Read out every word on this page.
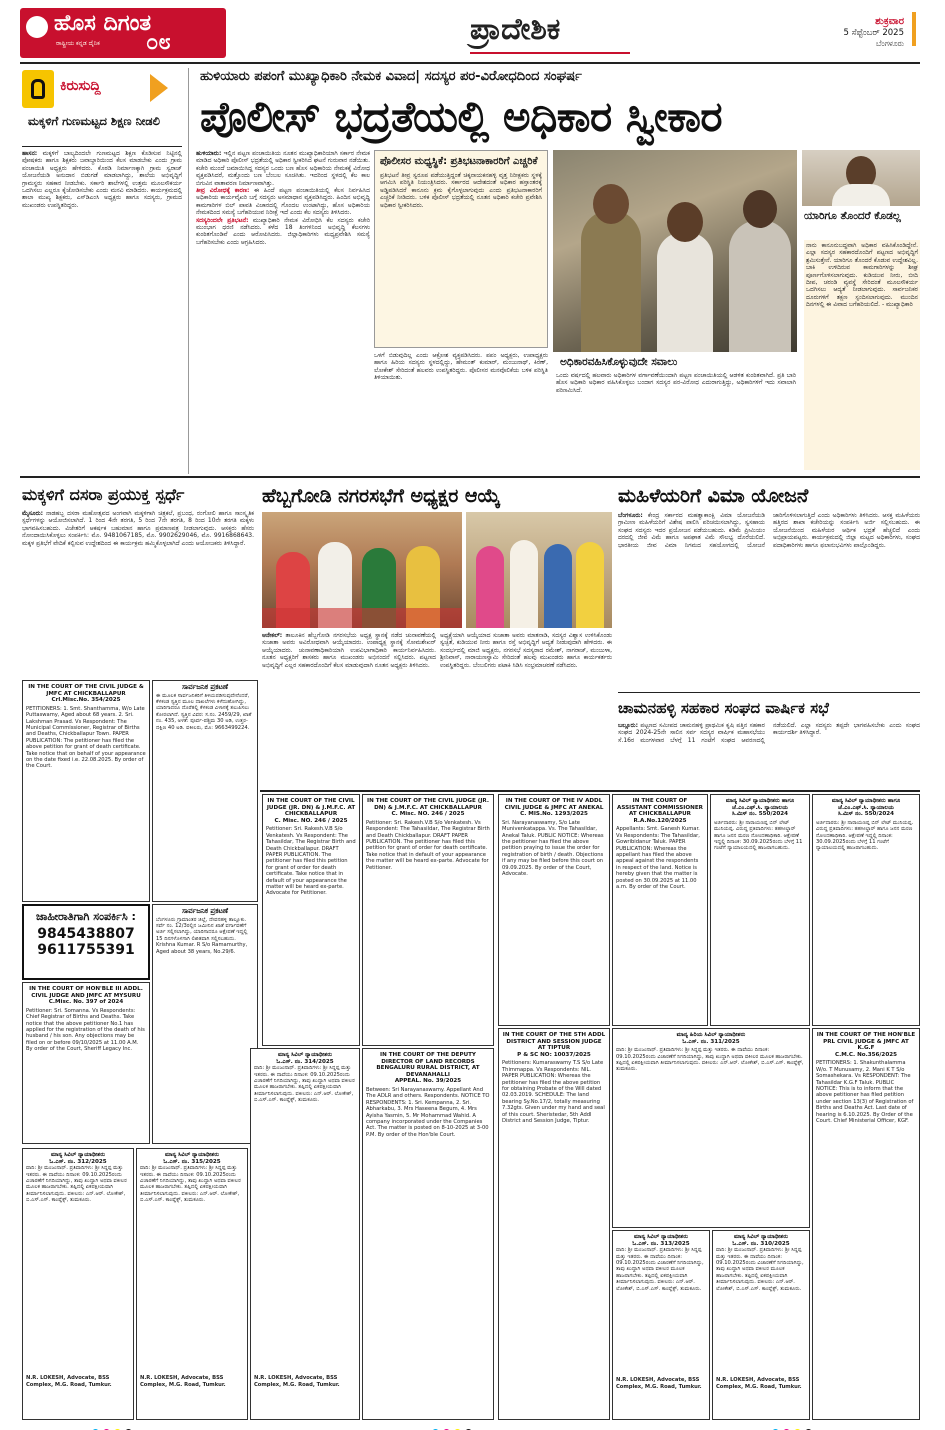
ಹೊಸ ದಿಗಂತ
ರಾಷ್ಟ್ರೀಯ ಕನ್ನಡ ದೈನಿಕ ೦೮	ಪ್ರಾದೇಶಿಕ	ಶುಕ್ರವಾರ
5 ಸೆಪ್ಟೆಂಬರ್ 2025
ಬೆಂಗಳೂರು
ಕಿರುಸುದ್ದಿ
ಮಕ್ಕಳಿಗೆ ಗುಣಮಟ್ಟದ ಶಿಕ್ಷಣ ನೀಡಲಿ
ಹಾಸನ: ಮಕ್ಕಳಿಗೆ ಬಾಲ್ಯದಿಂದಲೇ ಗುಣಮಟ್ಟದ ಶಿಕ್ಷಣ ಕೊಡಿಸುವ ನಿಟ್ಟಿನಲ್ಲಿ ಪೋಷಕರು ಹಾಗೂ ಶಿಕ್ಷಕರು ಜವಾಬ್ದಾರಿಯಿಂದ ಕೆಲಸ ಮಾಡಬೇಕು ಎಂದು ಗ್ರಾಮ ಪಂಚಾಯಿತಿ ಅಧ್ಯಕ್ಷರು ಹೇಳಿದರು. ಕೊಠಡಿ ನಿರ್ಮಾಣಕ್ಕಾಗಿ ಗ್ರಾಮ ಸ್ವರಾಜ್ ಯೋಜನೆಯಡಿ ಅನುದಾನ ಬಿಡುಗಡೆ ಮಾಡಲಾಗಿದ್ದು, ಶಾಲೆಯ ಅಭಿವೃದ್ಧಿಗೆ ಗ್ರಾಮಸ್ಥರು ಸಹಕಾರ ನೀಡಬೇಕು. ಸರ್ಕಾರಿ ಶಾಲೆಗಳಲ್ಲಿ ಉತ್ತಮ ಮೂಲಸೌಕರ್ಯ ಒದಗಿಸಲು ಎಲ್ಲರೂ ಕೈಜೋಡಿಸಬೇಕು ಎಂದು ಮನವಿ ಮಾಡಿದರು. ಕಾರ್ಯಕ್ರಮದಲ್ಲಿ ಶಾಲಾ ಮುಖ್ಯ ಶಿಕ್ಷಕರು, ಎಸ್‌ಡಿಎಂಸಿ ಅಧ್ಯಕ್ಷರು ಹಾಗೂ ಸದಸ್ಯರು, ಗ್ರಾಮದ ಮುಖಂಡರು ಉಪಸ್ಥಿತರಿದ್ದರು.
ಹುಳಿಯಾರು ಪಪಂಗೆ ಮುಖ್ಯಾಧಿಕಾರಿ ನೇಮಕ ವಿವಾದ| ಸದಸ್ಯರ ಪರ-ವಿರೋಧದಿಂದ ಸಂಘರ್ಷ
ಪೊಲೀಸ್ ಭದ್ರತೆಯಲ್ಲಿ ಅಧಿಕಾರ ಸ್ವೀಕಾರ
ಹುಳಿಯಾರು: ಇಲ್ಲಿನ ಪಟ್ಟಣ ಪಂಚಾಯಿತಿಯ ನೂತನ ಮುಖ್ಯಾಧಿಕಾರಿಯಾಗಿ ಸರ್ಕಾರ ನೇಮಕ ಮಾಡಿದ ಅಧಿಕಾರಿ ಪೊಲೀಸ್ ಭದ್ರತೆಯಲ್ಲಿ ಅಧಿಕಾರ ಸ್ವೀಕರಿಸಿದ ಘಟನೆ ಗುರುವಾರ ನಡೆಯಿತು. ಕಚೇರಿ ಮುಂದೆ ಜಮಾಯಿಸಿದ್ದ ಸದಸ್ಯರ ಒಂದು ಬಣ ಹೊಸ ಅಧಿಕಾರಿಯ ನೇಮಕಕ್ಕೆ ವಿರೋಧ ವ್ಯಕ್ತಪಡಿಸಿದರೆ, ಮತ್ತೊಂದು ಬಣ ಬೆಂಬಲ ಸೂಚಿಸಿತು. ಇದರಿಂದ ಸ್ಥಳದಲ್ಲಿ ಕೆಲ ಕಾಲ ಬಿಗುವಿನ ವಾತಾವರಣ ನಿರ್ಮಾಣವಾಗಿತ್ತು.
ತೀವ್ರ ವಿರೋಧಕ್ಕೆ ಕಾರಣ: ಈ ಹಿಂದೆ ಪಟ್ಟಣ ಪಂಚಾಯಿತಿಯಲ್ಲಿ ಕೆಲಸ ನಿರ್ವಹಿಸಿದ ಅಧಿಕಾರಿಯ ಕಾರ್ಯವೈಖರಿ ಬಗ್ಗೆ ಸದಸ್ಯರು ಅಸಮಾಧಾನ ವ್ಯಕ್ತಪಡಿಸಿದ್ದರು. ಹಿಂದಿನ ಅಭಿವೃದ್ಧಿ ಕಾಮಗಾರಿಗಳ ಬಿಲ್ ಪಾವತಿ ವಿಚಾರದಲ್ಲಿ ಗೊಂದಲ ಉಂಟಾಗಿದ್ದು, ಹೊಸ ಅಧಿಕಾರಿಯ ನೇಮಕದಿಂದ ಸಮಸ್ಯೆ ಬಗೆಹರಿಯುವ ನಿರೀಕ್ಷೆ ಇದೆ ಎಂದು ಕೆಲ ಸದಸ್ಯರು ತಿಳಿಸಿದರು.
ಸದಸ್ಯರಿಂದಲೇ ಪ್ರತಿಭಟನೆ: ಮುಖ್ಯಾಧಿಕಾರಿ ನೇಮಕ ವಿರೋಧಿಸಿ ಕೆಲ ಸದಸ್ಯರು ಕಚೇರಿ ಮುಂಭಾಗ ಧರಣಿ ನಡೆಸಿದರು. ಕಳೆದ 18 ತಿಂಗಳಿನಿಂದ ಅಭಿವೃದ್ಧಿ ಕೆಲಸಗಳು ಕುಂಠಿತಗೊಂಡಿವೆ ಎಂದು ಆರೋಪಿಸಿದರು. ಜಿಲ್ಲಾಧಿಕಾರಿಗಳು ಮಧ್ಯಪ್ರವೇಶಿಸಿ ಸಮಸ್ಯೆ ಬಗೆಹರಿಸಬೇಕು ಎಂದು ಆಗ್ರಹಿಸಿದರು.
ಪೊಲೀಸರ ಮಧ್ಯಸ್ಥಿಕೆ: ಪ್ರತಿಭಟನಾಕಾರರಿಗೆ ಎಚ್ಚರಿಕೆ
ಪ್ರತಿಭಟನೆ ತೀವ್ರ ಸ್ವರೂಪ ಪಡೆಯುತ್ತಿದ್ದಂತೆ ಚಿಕ್ಕನಾಯಕನಹಳ್ಳಿ ವೃತ್ತ ನಿರೀಕ್ಷಕರು ಸ್ಥಳಕ್ಕೆ ಆಗಮಿಸಿ ಪರಿಸ್ಥಿತಿ ನಿಯಂತ್ರಿಸಿದರು. ಸರ್ಕಾರದ ಆದೇಶದಂತೆ ಅಧಿಕಾರ ಹಸ್ತಾಂತರಕ್ಕೆ ಅಡ್ಡಿಪಡಿಸಿದರೆ ಕಾನೂನು ಕ್ರಮ ಕೈಗೊಳ್ಳಲಾಗುವುದು ಎಂದು ಪ್ರತಿಭಟನಾಕಾರರಿಗೆ ಎಚ್ಚರಿಕೆ ನೀಡಿದರು. ಬಳಿಕ ಪೊಲೀಸ್ ಭದ್ರತೆಯಲ್ಲಿ ನೂತನ ಅಧಿಕಾರಿ ಕಚೇರಿ ಪ್ರವೇಶಿಸಿ ಅಧಿಕಾರ ಸ್ವೀಕರಿಸಿದರು.
ಒಳಗೆ ಬಿಡುವುದಿಲ್ಲ ಎಂದು ಆಕ್ರೋಶ ವ್ಯಕ್ತಪಡಿಸಿದರು. ಪಪಂ ಅಧ್ಯಕ್ಷರು, ಉಪಾಧ್ಯಕ್ಷರು ಹಾಗೂ ಹಿರಿಯ ಸದಸ್ಯರು ಸ್ಥಳದಲ್ಲಿದ್ದು, ಹೇಮಂತ್ ಕುಮಾರ್, ಮಂಜುನಾಥ್, ಕಿರಣ್, ಲೋಕೇಶ್ ಸೇರಿದಂತೆ ಹಲವರು ಉಪಸ್ಥಿತರಿದ್ದರು. ಪೊಲೀಸರ ಮನವೊಲಿಕೆಯ ಬಳಿಕ ಪರಿಸ್ಥಿತಿ ತಿಳಿಯಾಯಿತು.
ಅಧಿಕಾರವಹಿಸಿಕೊಳ್ಳುವುದೇ ಸವಾಲು
ಒಂದು ವರ್ಷದಲ್ಲಿ ಹಲವಾರು ಅಧಿಕಾರಿಗಳ ವರ್ಗಾವಣೆಯಿಂದಾಗಿ ಪಟ್ಟಣ ಪಂಚಾಯಿತಿಯಲ್ಲಿ ಆಡಳಿತ ಕುಂಠಿತವಾಗಿದೆ. ಪ್ರತಿ ಬಾರಿ ಹೊಸ ಅಧಿಕಾರಿ ಅಧಿಕಾರ ವಹಿಸಿಕೊಳ್ಳಲು ಬಂದಾಗ ಸದಸ್ಯರ ಪರ-ವಿರೋಧ ಎದುರಾಗುತ್ತಿದ್ದು, ಅಧಿಕಾರಿಗಳಿಗೆ ಇದು ಸವಾಲಾಗಿ ಪರಿಣಮಿಸಿದೆ.
ಯಾರಿಗೂ ತೊಂದರೆ ಕೊಡಲ್ಲ
ನಾನು ಕಾನೂನುಬದ್ಧವಾಗಿ ಅಧಿಕಾರ ವಹಿಸಿಕೊಂಡಿದ್ದೇನೆ. ಎಲ್ಲಾ ಸದಸ್ಯರ ಸಹಕಾರದೊಂದಿಗೆ ಪಟ್ಟಣದ ಅಭಿವೃದ್ಧಿಗೆ ಶ್ರಮಿಸುತ್ತೇನೆ. ಯಾರಿಗೂ ತೊಂದರೆ ಕೊಡುವ ಉದ್ದೇಶವಿಲ್ಲ. ಬಾಕಿ ಉಳಿದಿರುವ ಕಾಮಗಾರಿಗಳನ್ನು ಶೀಘ್ರ ಪೂರ್ಣಗೊಳಿಸಲಾಗುವುದು. ಕುಡಿಯುವ ನೀರು, ಬೀದಿ ದೀಪ, ಚರಂಡಿ ವ್ಯವಸ್ಥೆ ಸೇರಿದಂತೆ ಮೂಲಸೌಕರ್ಯ ಒದಗಿಸಲು ಆದ್ಯತೆ ನೀಡಲಾಗುವುದು. ಸಾರ್ವಜನಿಕರ ದೂರುಗಳಿಗೆ ತಕ್ಷಣ ಸ್ಪಂದಿಸಲಾಗುವುದು. ಮುಂದಿನ ದಿನಗಳಲ್ಲಿ ಈ ವಿವಾದ ಬಗೆಹರಿಯಲಿದೆ. - ಮುಖ್ಯಾಧಿಕಾರಿ
ಮಕ್ಕಳಿಗೆ ದಸರಾ ಪ್ರಯುಕ್ತ ಸ್ಪರ್ಧೆ
ಮೈಸೂರು: ನಾಡಹಬ್ಬ ದಸರಾ ಮಹೋತ್ಸವದ ಅಂಗವಾಗಿ ಮಕ್ಕಳಿಗಾಗಿ ಚಿತ್ರಕಲೆ, ಪ್ರಬಂಧ, ರಂಗೋಲಿ ಹಾಗೂ ಸಾಂಸ್ಕೃತಿಕ ಸ್ಪರ್ಧೆಗಳನ್ನು ಆಯೋಜಿಸಲಾಗಿದೆ. 1 ರಿಂದ 4ನೇ ತರಗತಿ, 5 ರಿಂದ 7ನೇ ತರಗತಿ, 8 ರಿಂದ 10ನೇ ತರಗತಿ ಮಕ್ಕಳು ಭಾಗವಹಿಸಬಹುದು. ವಿಜೇತರಿಗೆ ಆಕರ್ಷಕ ಬಹುಮಾನ ಹಾಗೂ ಪ್ರಮಾಣಪತ್ರ ನೀಡಲಾಗುವುದು. ಆಸಕ್ತರು ಹೆಸರು ನೋಂದಾಯಿಸಿಕೊಳ್ಳಲು ಸಂಪರ್ಕಿಸಿ: ಮೊ. 9481067185, ಮೊ. 9902629046, ಮೊ. 9916868643. ಮಕ್ಕಳ ಪ್ರತಿಭೆಗೆ ವೇದಿಕೆ ಕಲ್ಪಿಸುವ ಉದ್ದೇಶದಿಂದ ಈ ಕಾರ್ಯಕ್ರಮ ಹಮ್ಮಿಕೊಳ್ಳಲಾಗಿದೆ ಎಂದು ಆಯೋಜಕರು ತಿಳಿಸಿದ್ದಾರೆ.
ಹೆಬ್ಬಗೋಡಿ ನಗರಸಭೆಗೆ ಅಧ್ಯಕ್ಷರ ಆಯ್ಕೆ
ಆನೇಕಲ್: ತಾಲೂಕಿನ ಹೆಬ್ಬಗೋಡಿ ನಗರಸಭೆಯ ಅಧ್ಯಕ್ಷ ಸ್ಥಾನಕ್ಕೆ ನಡೆದ ಚುನಾವಣೆಯಲ್ಲಿ ಸುಜಾತಾ ಅವರು ಅವಿರೋಧವಾಗಿ ಆಯ್ಕೆಯಾದರು. ಉಪಾಧ್ಯಕ್ಷ ಸ್ಥಾನಕ್ಕೆ ಸೋಮಶೇಖರ್ ಆಯ್ಕೆಯಾದರು. ಚುನಾವಣಾಧಿಕಾರಿಯಾಗಿ ಉಪವಿಭಾಗಾಧಿಕಾರಿ ಕಾರ್ಯನಿರ್ವಹಿಸಿದರು. ನೂತನ ಅಧ್ಯಕ್ಷರಿಗೆ ಶಾಸಕರು ಹಾಗೂ ಮುಖಂಡರು ಅಭಿನಂದನೆ ಸಲ್ಲಿಸಿದರು. ಪಟ್ಟಣದ ಅಭಿವೃದ್ಧಿಗೆ ಎಲ್ಲರ ಸಹಕಾರದೊಂದಿಗೆ ಕೆಲಸ ಮಾಡುವುದಾಗಿ ನೂತನ ಅಧ್ಯಕ್ಷರು ತಿಳಿಸಿದರು.
ಅಧ್ಯಕ್ಷೆಯಾಗಿ ಆಯ್ಕೆಯಾದ ಸುಜಾತಾ ಅವರು ಮಾತನಾಡಿ, ಸದಸ್ಯರ ವಿಶ್ವಾಸ ಉಳಿಸಿಕೊಂಡು ಸ್ವಚ್ಛತೆ, ಕುಡಿಯುವ ನೀರು ಹಾಗೂ ರಸ್ತೆ ಅಭಿವೃದ್ಧಿಗೆ ಆದ್ಯತೆ ನೀಡುವುದಾಗಿ ಹೇಳಿದರು. ಈ ಸಂದರ್ಭದಲ್ಲಿ ಮಾಜಿ ಅಧ್ಯಕ್ಷರು, ನಗರಸಭೆ ಸದಸ್ಯರಾದ ರಮೇಶ್, ನಾಗರಾಜ್, ಮಂಜುಳಾ, ಶ್ರೀನಿವಾಸ್, ನಾರಾಯಣಸ್ವಾಮಿ ಸೇರಿದಂತೆ ಹಲವು ಮುಖಂಡರು ಹಾಗೂ ಕಾರ್ಯಕರ್ತರು ಉಪಸ್ಥಿತರಿದ್ದರು. ಬೆಂಬಲಿಗರು ಪಟಾಕಿ ಸಿಡಿಸಿ ಸಂಭ್ರಮಾಚರಣೆ ನಡೆಸಿದರು.
ಮಹಿಳೆಯರಿಗೆ ವಿಮಾ ಯೋಜನೆ
ಬೆಂಗಳೂರು: ಕೇಂದ್ರ ಸರ್ಕಾರದ ಮಹತ್ವಾಕಾಂಕ್ಷಿ ವಿಮಾ ಯೋಜನೆಯಡಿ ಗ್ರಾಮೀಣ ಮಹಿಳೆಯರಿಗೆ ವಿಶೇಷ ಪಾಲಿಸಿ ಪರಿಚಯಿಸಲಾಗಿದ್ದು, ಸ್ವಸಹಾಯ ಸಂಘದ ಸದಸ್ಯರು ಇದರ ಪ್ರಯೋಜನ ಪಡೆಯಬಹುದು. ಕಡಿಮೆ ಪ್ರೀಮಿಯಂ ದರದಲ್ಲಿ ಜೀವ ವಿಮೆ ಹಾಗೂ ಅಪಘಾತ ವಿಮೆ ಸೌಲಭ್ಯ ದೊರೆಯಲಿದೆ. ಭಾರತೀಯ ಜೀವ ವಿಮಾ ನಿಗಮದ ಸಹಯೋಗದಲ್ಲಿ ಯೋಜನೆ ಜಾರಿಗೊಳಿಸಲಾಗುತ್ತಿದೆ ಎಂದು ಅಧಿಕಾರಿಗಳು ತಿಳಿಸಿದರು. ಆಸಕ್ತ ಮಹಿಳೆಯರು ಹತ್ತಿರದ ಶಾಖಾ ಕಚೇರಿಯನ್ನು ಸಂಪರ್ಕಿಸಿ ಅರ್ಜಿ ಸಲ್ಲಿಸಬಹುದು. ಈ ಯೋಜನೆಯಿಂದ ಮಹಿಳೆಯರ ಆರ್ಥಿಕ ಭದ್ರತೆ ಹೆಚ್ಚಲಿದೆ ಎಂದು ಅಭಿಪ್ರಾಯಪಟ್ಟರು. ಕಾರ್ಯಕ್ರಮದಲ್ಲಿ ಜಿಲ್ಲಾ ಮಟ್ಟದ ಅಧಿಕಾರಿಗಳು, ಸಂಘದ ಪದಾಧಿಕಾರಿಗಳು ಹಾಗೂ ಫಲಾನುಭವಿಗಳು ಪಾಲ್ಗೊಂಡಿದ್ದರು.
ಚಾಮನಹಳ್ಳಿ ಸಹಕಾರ ಸಂಘದ ವಾರ್ಷಿಕ ಸಭೆ
ಬಲ್ಲೂರು: ಪಟ್ಟಣದ ಸಮೀಪದ ಚಾಮನಹಳ್ಳಿ ಪ್ರಾಥಮಿಕ ಕೃಷಿ ಪತ್ತಿನ ಸಹಕಾರ ಸಂಘದ 2024-25ನೇ ಸಾಲಿನ ಸರ್ವ ಸದಸ್ಯರ ವಾರ್ಷಿಕ ಮಹಾಸಭೆಯು ಸೆ.16ರ ಮಂಗಳವಾರ ಬೆಳಗ್ಗೆ 11 ಗಂಟೆಗೆ ಸಂಘದ ಆವರಣದಲ್ಲಿ ನಡೆಯಲಿದೆ. ಎಲ್ಲಾ ಸದಸ್ಯರು ತಪ್ಪದೇ ಭಾಗವಹಿಸಬೇಕು ಎಂದು ಸಂಘದ ಕಾರ್ಯದರ್ಶಿ ತಿಳಿಸಿದ್ದಾರೆ.
IN THE COURT OF THE CIVIL JUDGE & JMFC AT CHICKBALLAPUR
Crl.Misc.No. 354/2025
PETITIONERS: 1. Smt. Shanthamma, W/o Late Puttaswamy, Aged about 68 years. 2. Sri. Lakshman Prasad. Vs Respondent: The Municipal Commissioner, Registrar of Births and Deaths, Chickballapur Town. PAPER PUBLICATION: The petitioner has filed the above petition for grant of death certificate. Take notice that on behalf of your appearance on the date fixed i.e. 22.08.2025. By order of the Court.
ಸಾರ್ವಜನಿಕ ಪ್ರಕಟಣೆ
ಈ ಮೂಲಕ ಸಾರ್ವಜನಿಕರಿಗೆ ತಿಳಿಯಪಡಿಸುವುದೇನೆಂದರೆ, ಕೆಳಕಂಡ ಸ್ವತ್ತಿನ ಮೂಲ ದಾಖಲೆಗಳು ಕಳೆದುಹೋಗಿದ್ದು, ಯಾರಿಗಾದರೂ ದೊರೆತಲ್ಲಿ ಕೆಳಕಂಡ ವಿಳಾಸಕ್ಕೆ ತಲುಪಿಸಲು ಕೋರಲಾಗಿದೆ. ಸ್ವತ್ತಿನ ವಿವರ: ಸ.ನಂ. 2459/29, ಖಾತೆ ನಂ. 435, ಅಳತೆ: ಪೂರ್ವ-ಪಶ್ಚಿಮ 30 ಅಡಿ, ಉತ್ತರ-ದಕ್ಷಿಣ 40 ಅಡಿ. ವಕೀಲರು, ಮೊ: 9663499224.
ಜಾಹೀರಾತಿಗಾಗಿ ಸಂಪರ್ಕಿಸಿ :
9845438807
9611755391
IN THE COURT OF HON'BLE III ADDL. CIVIL JUDGE AND JMFC AT MYSURU
C.Misc. No. 397 of 2024
Petitioner: Sri. Somanna. Vs Respondents: Chief Registrar of Births and Deaths. Take notice that the above petitioner No.1 has applied for the registration of the death of his husband / his son. Any objections may be filed on or before 09/10/2025 at 11.00 A.M. By order of the Court, Sheriff Legacy Inc.
ಸಾರ್ವಜನಿಕ ಪ್ರಕಟಣೆ
ಬೆಂಗಳೂರು ಗ್ರಾಮಾಂತರ ಜಿಲ್ಲೆ, ದೇವನಹಳ್ಳಿ ತಾಲ್ಲೂಕು. ಸರ್ವೆ ನಂ. 12/3ರಲ್ಲಿನ ಜಮೀನಿನ ಖಾತೆ ವರ್ಗಾವಣೆಗೆ ಅರ್ಜಿ ಸಲ್ಲಿಸಲಾಗಿದ್ದು, ಯಾರಿಗಾದರೂ ಆಕ್ಷೇಪಣೆ ಇದ್ದಲ್ಲಿ 15 ದಿನಗಳೊಳಗಾಗಿ ಲಿಖಿತವಾಗಿ ಸಲ್ಲಿಸಬಹುದು. Krishna Kumar. R S/o Ramamurthy, Aged about 38 years, No.29/6.
IN THE COURT OF THE CIVIL JUDGE (JR. DN) & J.M.F.C. AT CHICKBALLAPUR
C. Misc. NO. 246 / 2025
Petitioner: Sri. Rakesh.V.B S/o Venkatesh. Vs Respondent: The Tahasildar, The Registrar Birth and Death Chickballapur. DRAFT PAPER PUBLICATION. The petitioner has filed this petition for grant of order for death certificate. Take notice that in default of your appearance the matter will be heard ex-parte. Advocate for Petitioner.
IN THE COURT OF THE CIVIL JUDGE (JR. DN) & J.M.F.C. AT CHICKBALLAPUR
C. Misc. NO. 246 / 2025
Petitioner: Sri. Rakesh.V.B S/o Venkatesh. Vs Respondent: The Tahasildar, The Registrar Birth and Death Chickballapur. DRAFT PAPER PUBLICATION. The petitioner has filed this petition for grant of order for death certificate. Take notice that in default of your appearance the matter will be heard ex-parte. Advocate for Petitioner.
IN THE COURT OF THE IV ADDL CIVIL JUDGE & JMFC AT ANEKAL
C. MIS.No. 1293/2025
Sri. Narayanaswamy, S/o Late Munivenkatappa. Vs. The Tahasildar, Anekal Taluk. PUBLIC NOTICE: Whereas the petitioner has filed the above petition praying to issue the order for registration of birth / death. Objections if any may be filed before this court on 09.09.2025. By order of the Court, Advocate.
IN THE COURT OF ASSISTANT COMMISSIONER AT CHICKBALLAPUR
R.A.No.120/2025
Appellants: Smt. Ganesh Kumar. Vs Respondents: The Tahasildar, Gowribidanur Taluk. PAPER PUBLICATION: Whereas the appellant has filed the above appeal against the respondents in respect of the land. Notice is hereby given that the matter is posted on 30.09.2025 at 11.00 a.m. By order of the Court.
ಮಾನ್ಯ ಸಿವಿಲ್ ನ್ಯಾಯಾಧೀಶರು ಹಾಗೂ ಜೆ.ಎಂ.ಎಫ್.ಸಿ. ನ್ಯಾಯಾಲಯ
ಸಿ.ಮಿಸ್ ನಂ. 550/2024
ಅರ್ಜಿದಾರರು: ಶ್ರೀ ನಾರಾಯಣಪ್ಪ ಬಿನ್ ಲೇಟ್ ಮುನಿಯಪ್ಪ. ವಿರುದ್ಧ ಪ್ರತಿವಾದಿಗಳು: ತಹಸೀಲ್ದಾರ್ ಹಾಗೂ ಜನನ ಮರಣ ನೋಂದಣಾಧಿಕಾರಿ. ಆಕ್ಷೇಪಣೆ ಇದ್ದಲ್ಲಿ ದಿನಾಂಕ: 30.09.2025ರಂದು ಬೆಳಗ್ಗೆ 11 ಗಂಟೆಗೆ ನ್ಯಾಯಾಲಯದಲ್ಲಿ ಹಾಜರಾಗಬಹುದು.
ಮಾನ್ಯ ಸಿವಿಲ್ ನ್ಯಾಯಾಧೀಶರು ಹಾಗೂ ಜೆ.ಎಂ.ಎಫ್.ಸಿ. ನ್ಯಾಯಾಲಯ
ಸಿ.ಮಿಸ್ ನಂ. 550/2024
ಅರ್ಜಿದಾರರು: ಶ್ರೀ ನಾರಾಯಣಪ್ಪ ಬಿನ್ ಲೇಟ್ ಮುನಿಯಪ್ಪ. ವಿರುದ್ಧ ಪ್ರತಿವಾದಿಗಳು: ತಹಸೀಲ್ದಾರ್ ಹಾಗೂ ಜನನ ಮರಣ ನೋಂದಣಾಧಿಕಾರಿ. ಆಕ್ಷೇಪಣೆ ಇದ್ದಲ್ಲಿ ದಿನಾಂಕ: 30.09.2025ರಂದು ಬೆಳಗ್ಗೆ 11 ಗಂಟೆಗೆ ನ್ಯಾಯಾಲಯದಲ್ಲಿ ಹಾಜರಾಗಬಹುದು.
IN THE COURT OF THE DEPUTY DIRECTOR OF LAND RECORDS BENGALURU RURAL DISTRICT, AT DEVANAHALLI
APPEAL. No. 39/2025
Between: Sri Narayanaswamy. Appellant And The ADLR and others. Respondents. NOTICE TO RESPONDENTS: 1. Sri. Kempanna, 2. Sri. Abharkabu, 3. Mrs Haseena Begum, 4. Mrs Ayisha Yasmin, 5. Mr Mohammad Wahid. A company incorporated under the Companies Act. The matter is posted on 8-10-2025 at 3-00 P.M. By order of the Hon'ble Court.
IN THE COURT OF THE 5TH ADDL DISTRICT AND SESSION JUDGE AT TIPTUR
P & SC NO: 10037/2025
Petitioners: Kumaraswamy T.S S/o Late Thimmappa. Vs Respondents: NIL. PAPER PUBLICATION: Whereas the petitioner has filed the above petition for obtaining Probate of the Will dated 02.03.2019. SCHEDULE: The land bearing Sy.No.17/2, totally measuring 7.32gts. Given under my hand and seal of this court. Sheristedar, 5th Addl District and Session Judge, Tiptur.
ಮಾನ್ಯ ಹಿರಿಯ ಸಿವಿಲ್ ನ್ಯಾಯಾಧೀಶರು
ಓ.ಎಸ್. ನಂ. 311/2025
ವಾದಿ: ಶ್ರೀ ಮಂಜುನಾಥ್. ಪ್ರತಿವಾದಿಗಳು: ಶ್ರೀ ಸಿದ್ದಪ್ಪ ಮತ್ತು ಇತರರು. ಈ ದಾವೆಯು ದಿನಾಂಕ: 09.10.2025ರಂದು ವಿಚಾರಣೆಗೆ ನಿಗದಿಯಾಗಿದ್ದು, ತಾವು ಖುದ್ದಾಗಿ ಅಥವಾ ವಕೀಲರ ಮೂಲಕ ಹಾಜರಾಗಬೇಕು. ತಪ್ಪಿದಲ್ಲಿ ಏಕಪಕ್ಷೀಯವಾಗಿ ತೀರ್ಮಾನಿಸಲಾಗುವುದು. ವಕೀಲರು: ಎನ್.ಆರ್. ಲೋಕೇಶ್, ಬಿ.ಎಸ್.ಎಸ್. ಕಾಂಪ್ಲೆಕ್ಸ್, ತುಮಕೂರು.
IN THE COURT OF THE HON'BLE PRL CIVIL JUDGE & JMFC AT K.G.F
C.M.C. No.356/2025
PETITIONERS: 1. Shakunthalamma W/o. T Munusamy, 2. Mani K T S/o Somashekara. Vs RESPONDENT: The Tahasildar K.G.F Taluk. PUBLIC NOTICE: This is to inform that the above petitioner has filed petition under section 13(3) of Registration of Births and Deaths Act. Last date of hearing is 6.10.2025. By Order of the Court. Chief Ministerial Officer, KGF.
ಮಾನ್ಯ ಸಿವಿಲ್ ನ್ಯಾಯಾಧೀಶರು
ಓ.ಎಸ್. ನಂ. 312/2025
ವಾದಿ: ಶ್ರೀ ಮಂಜುನಾಥ್. ಪ್ರತಿವಾದಿಗಳು: ಶ್ರೀ ಸಿದ್ದಪ್ಪ ಮತ್ತು ಇತರರು. ಈ ದಾವೆಯು ದಿನಾಂಕ: 09.10.2025ರಂದು ವಿಚಾರಣೆಗೆ ನಿಗದಿಯಾಗಿದ್ದು, ತಾವು ಖುದ್ದಾಗಿ ಅಥವಾ ವಕೀಲರ ಮೂಲಕ ಹಾಜರಾಗಬೇಕು. ತಪ್ಪಿದಲ್ಲಿ ಏಕಪಕ್ಷೀಯವಾಗಿ ತೀರ್ಮಾನಿಸಲಾಗುವುದು. ವಕೀಲರು: ಎನ್.ಆರ್. ಲೋಕೇಶ್, ಬಿ.ಎಸ್.ಎಸ್. ಕಾಂಪ್ಲೆಕ್ಸ್, ತುಮಕೂರು.
N.R. LOKESH, Advocate, BSS Complex, M.G. Road, Tumkur.
ಮಾನ್ಯ ಸಿವಿಲ್ ನ್ಯಾಯಾಧೀಶರು
ಓ.ಎಸ್. ನಂ. 315/2025
ವಾದಿ: ಶ್ರೀ ಮಂಜುನಾಥ್. ಪ್ರತಿವಾದಿಗಳು: ಶ್ರೀ ಸಿದ್ದಪ್ಪ ಮತ್ತು ಇತರರು. ಈ ದಾವೆಯು ದಿನಾಂಕ: 09.10.2025ರಂದು ವಿಚಾರಣೆಗೆ ನಿಗದಿಯಾಗಿದ್ದು, ತಾವು ಖುದ್ದಾಗಿ ಅಥವಾ ವಕೀಲರ ಮೂಲಕ ಹಾಜರಾಗಬೇಕು. ತಪ್ಪಿದಲ್ಲಿ ಏಕಪಕ್ಷೀಯವಾಗಿ ತೀರ್ಮಾನಿಸಲಾಗುವುದು. ವಕೀಲರು: ಎನ್.ಆರ್. ಲೋಕೇಶ್, ಬಿ.ಎಸ್.ಎಸ್. ಕಾಂಪ್ಲೆಕ್ಸ್, ತುಮಕೂರು.
N.R. LOKESH, Advocate, BSS Complex, M.G. Road, Tumkur.
ಮಾನ್ಯ ಸಿವಿಲ್ ನ್ಯಾಯಾಧೀಶರು
ಓ.ಎಸ್. ನಂ. 314/2025
ವಾದಿ: ಶ್ರೀ ಮಂಜುನಾಥ್. ಪ್ರತಿವಾದಿಗಳು: ಶ್ರೀ ಸಿದ್ದಪ್ಪ ಮತ್ತು ಇತರರು. ಈ ದಾವೆಯು ದಿನಾಂಕ: 09.10.2025ರಂದು ವಿಚಾರಣೆಗೆ ನಿಗದಿಯಾಗಿದ್ದು, ತಾವು ಖುದ್ದಾಗಿ ಅಥವಾ ವಕೀಲರ ಮೂಲಕ ಹಾಜರಾಗಬೇಕು. ತಪ್ಪಿದಲ್ಲಿ ಏಕಪಕ್ಷೀಯವಾಗಿ ತೀರ್ಮಾನಿಸಲಾಗುವುದು. ವಕೀಲರು: ಎನ್.ಆರ್. ಲೋಕೇಶ್, ಬಿ.ಎಸ್.ಎಸ್. ಕಾಂಪ್ಲೆಕ್ಸ್, ತುಮಕೂರು.
N.R. LOKESH, Advocate, BSS Complex, M.G. Road, Tumkur.
ಮಾನ್ಯ ಸಿವಿಲ್ ನ್ಯಾಯಾಧೀಶರು
ಓ.ಎಸ್. ನಂ. 313/2025
ವಾದಿ: ಶ್ರೀ ಮಂಜುನಾಥ್. ಪ್ರತಿವಾದಿಗಳು: ಶ್ರೀ ಸಿದ್ದಪ್ಪ ಮತ್ತು ಇತರರು. ಈ ದಾವೆಯು ದಿನಾಂಕ: 09.10.2025ರಂದು ವಿಚಾರಣೆಗೆ ನಿಗದಿಯಾಗಿದ್ದು, ತಾವು ಖುದ್ದಾಗಿ ಅಥವಾ ವಕೀಲರ ಮೂಲಕ ಹಾಜರಾಗಬೇಕು. ತಪ್ಪಿದಲ್ಲಿ ಏಕಪಕ್ಷೀಯವಾಗಿ ತೀರ್ಮಾನಿಸಲಾಗುವುದು. ವಕೀಲರು: ಎನ್.ಆರ್. ಲೋಕೇಶ್, ಬಿ.ಎಸ್.ಎಸ್. ಕಾಂಪ್ಲೆಕ್ಸ್, ತುಮಕೂರು.
N.R. LOKESH, Advocate, BSS Complex, M.G. Road, Tumkur.
ಮಾನ್ಯ ಸಿವಿಲ್ ನ್ಯಾಯಾಧೀಶರು
ಓ.ಎಸ್. ನಂ. 310/2025
ವಾದಿ: ಶ್ರೀ ಮಂಜುನಾಥ್. ಪ್ರತಿವಾದಿಗಳು: ಶ್ರೀ ಸಿದ್ದಪ್ಪ ಮತ್ತು ಇತರರು. ಈ ದಾವೆಯು ದಿನಾಂಕ: 09.10.2025ರಂದು ವಿಚಾರಣೆಗೆ ನಿಗದಿಯಾಗಿದ್ದು, ತಾವು ಖುದ್ದಾಗಿ ಅಥವಾ ವಕೀಲರ ಮೂಲಕ ಹಾಜರಾಗಬೇಕು. ತಪ್ಪಿದಲ್ಲಿ ಏಕಪಕ್ಷೀಯವಾಗಿ ತೀರ್ಮಾನಿಸಲಾಗುವುದು. ವಕೀಲರು: ಎನ್.ಆರ್. ಲೋಕೇಶ್, ಬಿ.ಎಸ್.ಎಸ್. ಕಾಂಪ್ಲೆಕ್ಸ್, ತುಮಕೂರು.
N.R. LOKESH, Advocate, BSS Complex, M.G. Road, Tumkur.
